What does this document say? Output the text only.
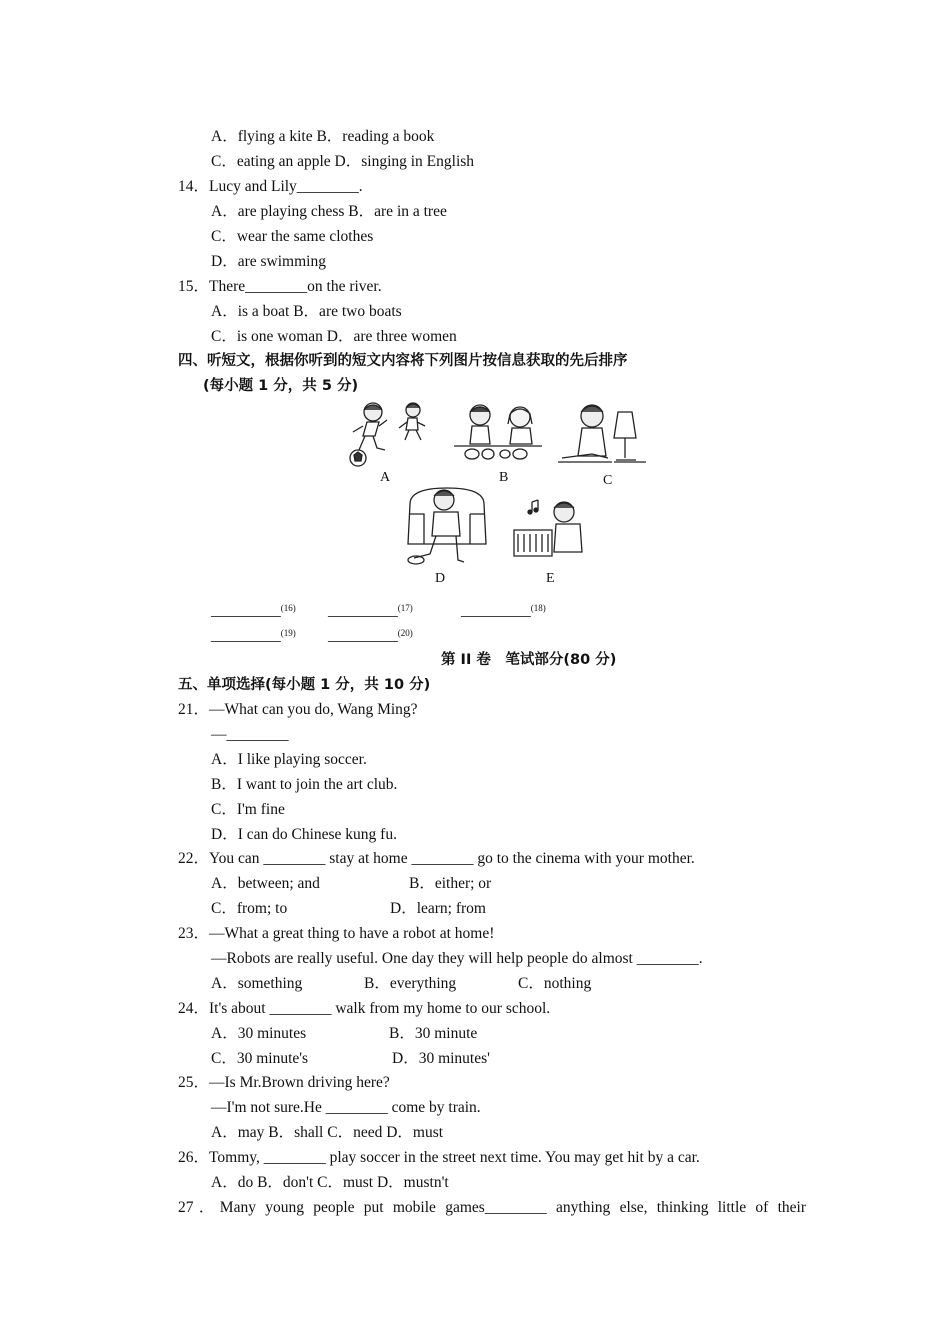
A．flying a kite B．reading a book
C．eating an apple D．singing in English
14．Lucy and Lily________.
A．are playing chess B．are in a tree
C．wear the same clothes
D．are swimming
15．There________on the river.
A．is a boat B．are two boats
C．is one woman D．are three women
四、听短文，根据你听到的短文内容将下列图片按信息获取的先后排序
(每小题 1 分，共 5 分)
A	B	C
D	E
_________$^{(16)}$ _________$^{(17)}$	_________$^{(18)}$
_________$^{(19)}$ _________$^{(20)}$
第 II 卷　笔试部分(80 分)
五、单项选择(每小题 1 分，共 10 分)
21．—What can you do, Wang Ming?
—________
A．I like playing soccer.
B．I want to join the art club.
C．I'm fine
D．I can do Chinese kung fu.
22．You can ________ stay at home ________ go to the cinema with your mother.
A．between; and	B．either; or
C．from; to	D．learn; from
23．—What a great thing to have a robot at home!
—Robots are really useful. One day they will help people do almost ________.
A．something	B．everything	C．nothing
24．It's about ________ walk from my home to our school.
A．30 minutes	B．30 minute
C．30 minute's	D．30 minutes'
25．—Is Mr.Brown driving here?
—I'm not sure.He ________ come by train.
A．may B．shall C．need D．must
26．Tommy, ________ play soccer in the street next time. You may get hit by a car.
A．do B．don't C．must D．mustn't
27．Many young people put mobile games________ anything else, thinking little of their
